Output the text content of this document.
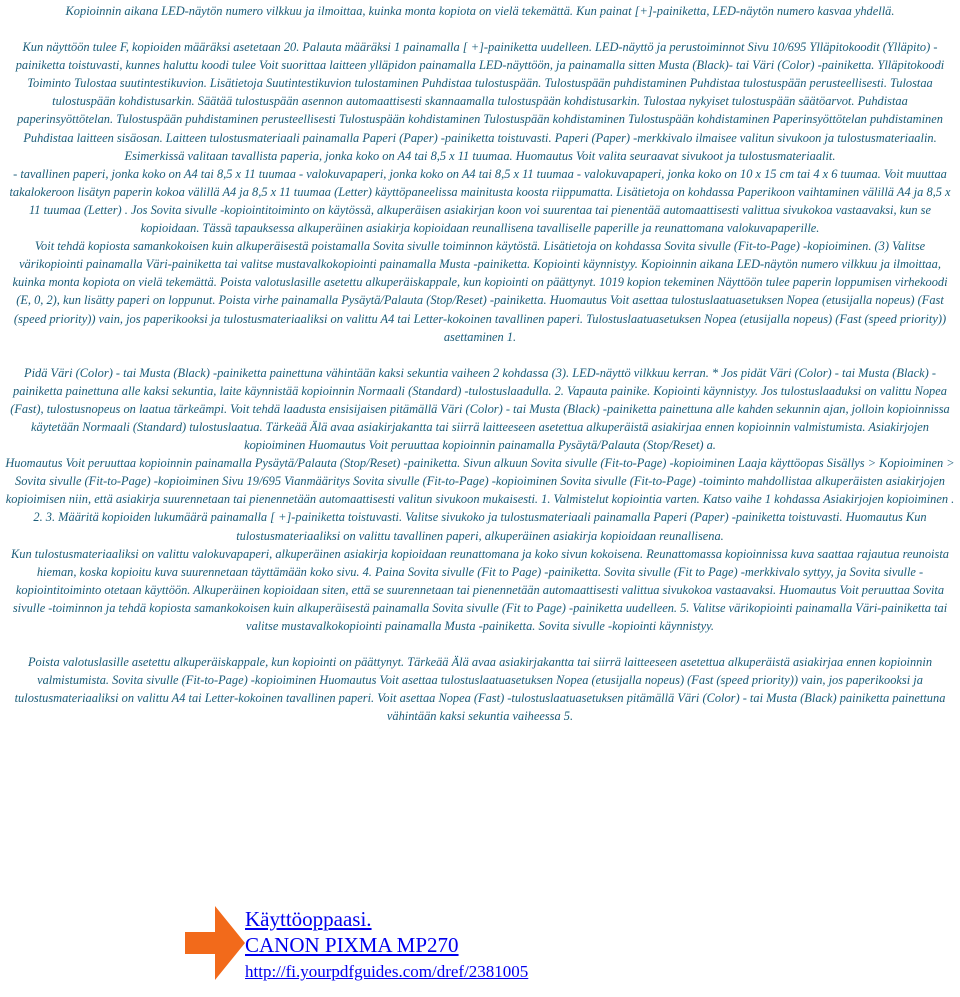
Kopioinnin aikana LED-näytön numero vilkkuu ja ilmoittaa, kuinka monta kopiota on vielä tekemättä. Kun painat [+]-painiketta, LED-näytön numero kasvaa yhdellä.

Kun näyttöön tulee F, kopioiden määräksi asetetaan 20. Palauta määräksi 1 painamalla [ +]-painiketta uudelleen. LED-näyttö ja perustoiminnot Sivu 10/695 Ylläpitokoodit (Ylläpito) -painiketta toistuvasti, kunnes haluttu koodi tulee Voit suorittaa laitteen ylläpidon painamalla LED-näyttöön, ja painamalla sitten Musta (Black)- tai Väri (Color) -painiketta. Ylläpitokoodi Toiminto Tulostaa suutintestikuvion. Lisätietoja Suutintestikuvion tulostaminen Puhdistaa tulostuspään. Tulostuspään puhdistaminen Puhdistaa tulostuspään perusteellisesti. Tulostaa tulostuspään kohdistusarkin. Säätää tulostuspään asennon automaattisesti skannaamalla tulostuspään kohdistusarkin. Tulostaa nykyiset tulostuspään säätöarvot. Puhdistaa paperinsyöttötelan. Tulostuspään puhdistaminen perusteellisesti Tulostuspään kohdistaminen Tulostuspään kohdistaminen Tulostuspään kohdistaminen Paperinsyöttötelan puhdistaminen Puhdistaa laitteen sisäosan. Laitteen tulostusmateriaali painamalla Paperi (Paper) -painiketta toistuvasti. Paperi (Paper) -merkkivalo ilmaisee valitun sivukoon ja tulostusmateriaalin. Esimerkissä valitaan tavallista paperia, jonka koko on A4 tai 8,5 x 11 tuumaa. Huomautus Voit valita seuraavat sivukoot ja tulostusmateriaalit.

- tavallinen paperi, jonka koko on A4 tai 8,5 x 11 tuumaa - valokuvapaperi, jonka koko on A4 tai 8,5 x 11 tuumaa - valokuvapaperi, jonka koko on 10 x 15 cm tai 4 x 6 tuumaa. Voit muuttaa takalokeroon lisätyn paperin kokoa välillä A4 ja 8,5 x 11 tuumaa (Letter) käyttöpaneelissa mainitusta koosta riippumatta. Lisätietoja on kohdassa Paperikoon vaihtaminen välillä A4 ja 8,5 x 11 tuumaa (Letter) . Jos Sovita sivulle -kopiointitoiminto on käytössä, alkuperäisen asiakirjan koon voi suurentaa tai pienentää automaattisesti valittua sivukokoa vastaavaksi, kun se kopioidaan. Tässä tapauksessa alkuperäinen asiakirja kopioidaan reunallisena tavalliselle paperille ja reunattomana valokuvapaperille.

Voit tehdä kopiosta samankokoisen kuin alkuperäisestä poistamalla Sovita sivulle toiminnon käytöstä. Lisätietoja on kohdassa Sovita sivulle (Fit-to-Page) -kopioiminen. (3) Valitse värikopiointi painamalla Väri-painiketta tai valitse mustavalkokopiointi painamalla Musta -painiketta. Kopiointi käynnistyy. Kopioinnin aikana LED-näytön numero vilkkuu ja ilmoittaa, kuinka monta kopiota on vielä tekemättä. Poista valotuslasille asetettu alkuperäiskappale, kun kopiointi on päättynyt. 1019 kopion tekeminen Näyttöön tulee paperin loppumisen virhekoodi (E, 0, 2), kun lisätty paperi on loppunut. Poista virhe painamalla Pysäytä/Palauta (Stop/Reset) -painiketta. Huomautus Voit asettaa tulostuslaatuasetuksen Nopea (etusijalla nopeus) (Fast (speed priority)) vain, jos paperikooksi ja tulostusmateriaaliksi on valittu A4 tai Letter-kokoinen tavallinen paperi. Tulostuslaatuasetuksen Nopea (etusijalla nopeus) (Fast (speed priority)) asettaminen 1.

Pidä Väri (Color) - tai Musta (Black) -painiketta painettuna vähintään kaksi sekuntia vaiheen 2 kohdassa (3). LED-näyttö vilkkuu kerran. * Jos pidät Väri (Color) - tai Musta (Black) -painiketta painettuna alle kaksi sekuntia, laite käynnistää kopioinnin Normaali (Standard) -tulostuslaadulla. 2. Vapauta painike. Kopiointi käynnistyy. Jos tulostuslaaduksi on valittu Nopea (Fast), tulostusnopeus on laatua tärkeämpi. Voit tehdä laadusta ensisijaisen pitämällä Väri (Color) - tai Musta (Black) -painiketta painettuna alle kahden sekunnin ajan, jolloin kopioinnissa käytetään Normaali (Standard) tulostuslaatua. Tärkeää Älä avaa asiakirjakantta tai siirrä laitteeseen asetettua alkuperäistä asiakirjaa ennen kopioinnin valmistumista. Asiakirjojen kopioiminen Huomautus Voit peruuttaa kopioinnin painamalla Pysäytä/Palauta (Stop/Reset) a.

Huomautus Voit peruuttaa kopioinnin painamalla Pysäytä/Palauta (Stop/Reset) -painiketta. Sivun alkuun Sovita sivulle (Fit-to-Page) -kopioiminen Laaja käyttöopas Sisällys > Kopioiminen > Sovita sivulle (Fit-to-Page) -kopioiminen Sivu 19/695 Vianmääritys Sovita sivulle (Fit-to-Page) -kopioiminen Sovita sivulle (Fit-to-Page) -toiminto mahdollistaa alkuperäisten asiakirjojen kopioimisen niin, että asiakirja suurennetaan tai pienennetään automaattisesti valitun sivukoon mukaisesti. 1. Valmistelut kopiointia varten. Katso vaihe 1 kohdassa Asiakirjojen kopioiminen .

2. 3. Määritä kopioiden lukumäärä painamalla [ +]-painiketta toistuvasti. Valitse sivukoko ja tulostusmateriaali painamalla Paperi (Paper) -painiketta toistuvasti. Huomautus Kun tulostusmateriaaliksi on valittu tavallinen paperi, alkuperäinen asiakirja kopioidaan reunallisena.

Kun tulostusmateriaaliksi on valittu valokuvapaperi, alkuperäinen asiakirja kopioidaan reunattomana ja koko sivun kokoisena. Reunattomassa kopioinnissa kuva saattaa rajautua reunoista hieman, koska kopioitu kuva suurennetaan täyttämään koko sivu. 4. Paina Sovita sivulle (Fit to Page) -painiketta. Sovita sivulle (Fit to Page) -merkkivalo syttyy, ja Sovita sivulle -kopiointitoiminto otetaan käyttöön. Alkuperäinen kopioidaan siten, että se suurennetaan tai pienennetään automaattisesti valittua sivukokoa vastaavaksi. Huomautus Voit peruuttaa Sovita sivulle -toiminnon ja tehdä kopiosta samankokoisen kuin alkuperäisestä painamalla Sovita sivulle (Fit to Page) -painiketta uudelleen. 5. Valitse värikopiointi painamalla Väri-painiketta tai valitse mustavalkokopiointi painamalla Musta -painiketta. Sovita sivulle -kopiointi käynnistyy.

Poista valotuslasille asetettu alkuperäiskappale, kun kopiointi on päättynyt. Tärkeää Älä avaa asiakirjakantta tai siirrä laitteeseen asetettua alkuperäistä asiakirjaa ennen kopioinnin valmistumista. Sovita sivulle (Fit-to-Page) -kopioiminen Huomautus Voit asettaa tulostuslaatuasetuksen Nopea (etusijalla nopeus) (Fast (speed priority)) vain, jos paperikooksi ja tulostusmateriaaliksi on valittu A4 tai Letter-kokoinen tavallinen paperi. Voit asettaa Nopea (Fast) -tulostuslaatuasetuksen pitämällä Väri (Color) - tai Musta (Black) painiketta painettuna vähintään kaksi sekuntia vaiheessa 5.

Käyttöoppaasi.
CANON PIXMA MP270
http://fi.yourpdfguides.com/dref/2381005
